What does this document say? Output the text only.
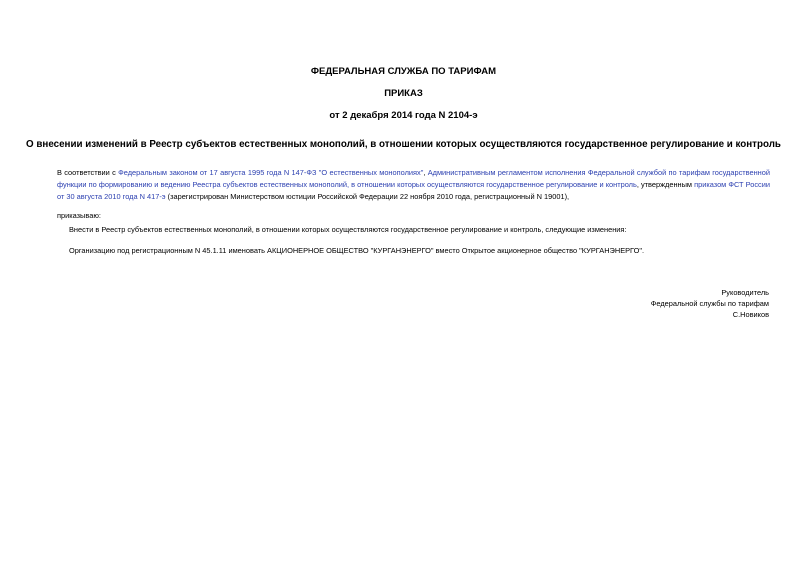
ФЕДЕРАЛЬНАЯ СЛУЖБА ПО ТАРИФАМ
ПРИКАЗ
от 2 декабря 2014 года N 2104-э
О внесении изменений в Реестр субъектов естественных монополий, в отношении которых осуществляются государственное регулирование и контроль
В соответствии с Федеральным законом от 17 августа 1995 года N 147-ФЗ "О естественных монополиях", Административным регламентом исполнения Федеральной службой по тарифам государственной функции по формированию и ведению Реестра субъектов естественных монополий, в отношении которых осуществляются государственное регулирование и контроль, утвержденным приказом ФСТ России от 30 августа 2010 года N 417-э (зарегистрирован Министерством юстиции Российской Федерации 22 ноября 2010 года, регистрационный N 19001),
приказываю:
Внести в Реестр субъектов естественных монополий, в отношении которых осуществляются государственное регулирование и контроль, следующие изменения:
Организацию под регистрационным N 45.1.11 именовать АКЦИОНЕРНОЕ ОБЩЕСТВО "КУРГАНЭНЕРГО" вместо Открытое акционерное общество "КУРГАНЭНЕРГО".
Руководитель
Федеральной службы по тарифам
С.Новиков
